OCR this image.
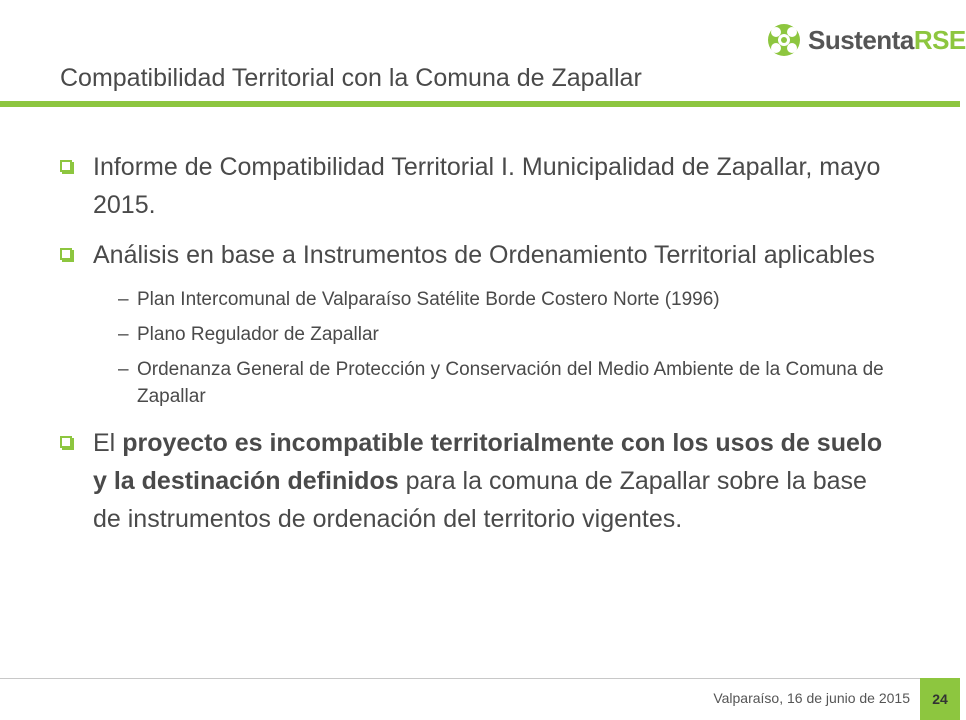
Compatibilidad Territorial con la Comuna de Zapallar
SustentaRSE
Informe de Compatibilidad Territorial I. Municipalidad de Zapallar, mayo 2015.
Análisis en base a Instrumentos de Ordenamiento Territorial aplicables
– Plan Intercomunal de Valparaíso Satélite Borde Costero Norte (1996)
– Plano Regulador de Zapallar
– Ordenanza General de Protección y Conservación del Medio Ambiente de la Comuna de Zapallar
El proyecto es incompatible territorialmente con los usos de suelo y la destinación definidos para la comuna de Zapallar sobre la base de instrumentos de ordenación del territorio vigentes.
Valparaíso, 16 de junio de 2015	24
